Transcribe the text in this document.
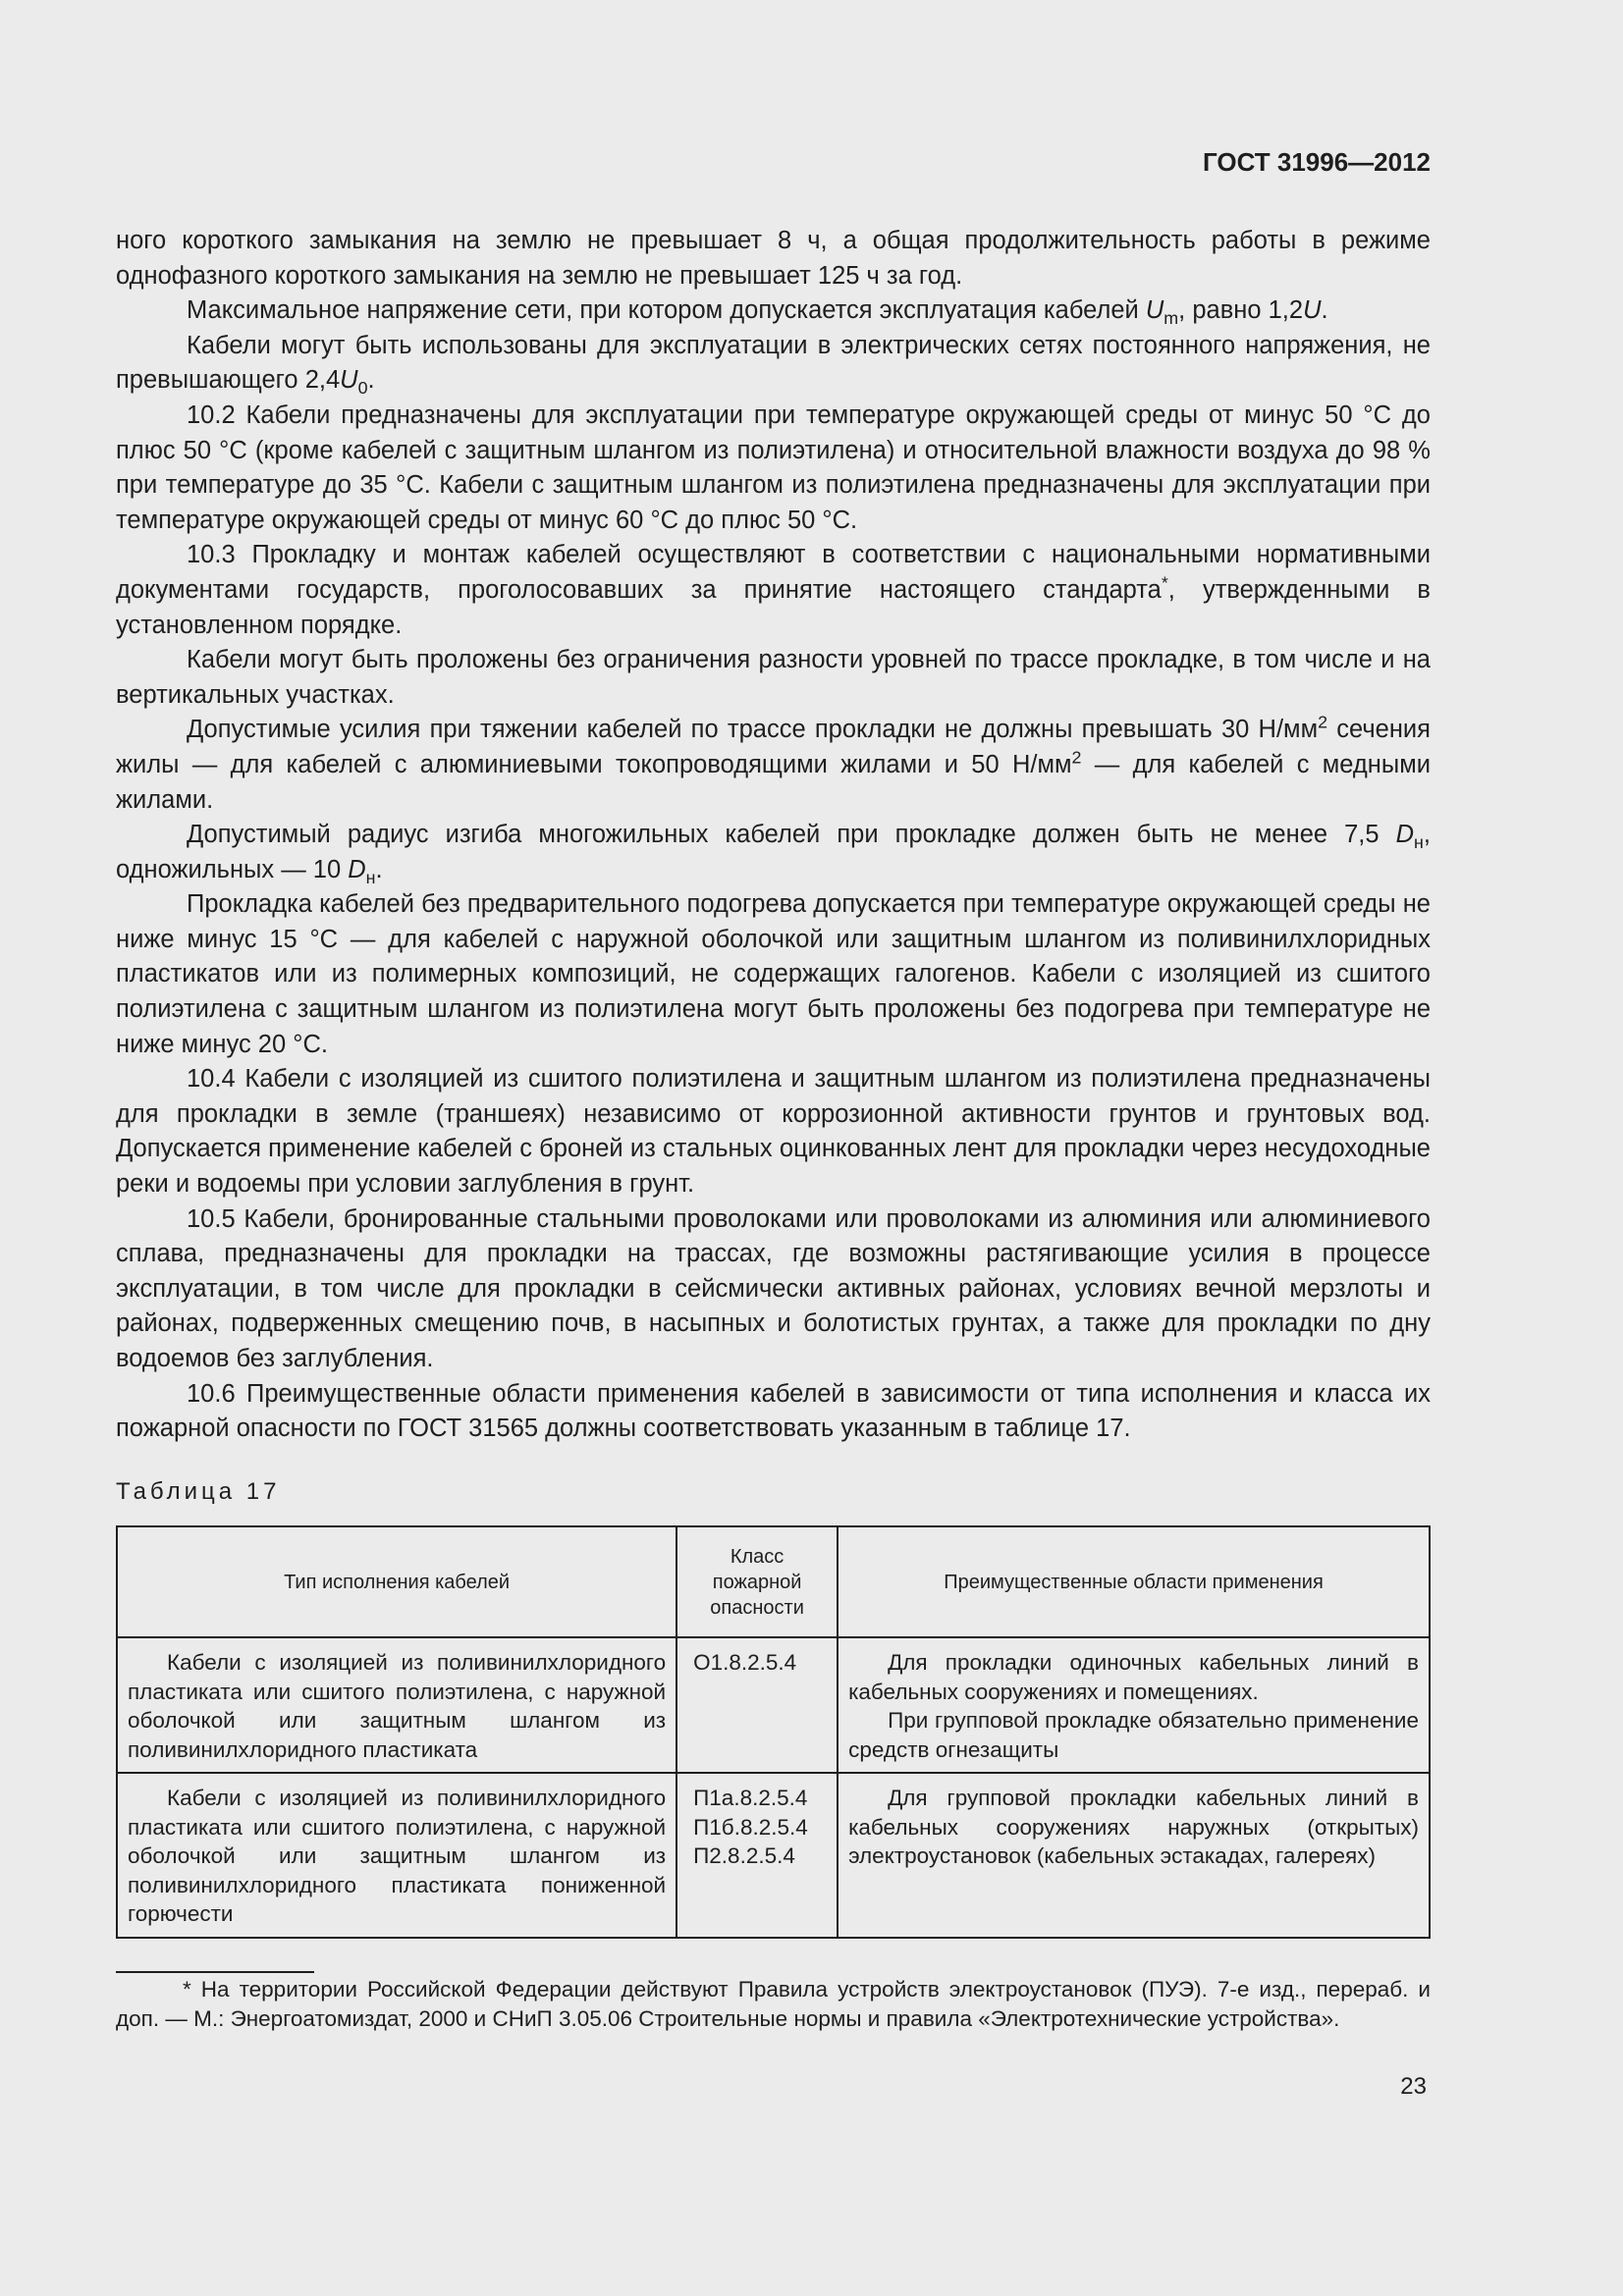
ГОСТ 31996—2012

ного короткого замыкания на землю не превышает 8 ч, а общая продолжительность работы в режиме однофазного короткого замыкания на землю не превышает 125 ч за год.

Максимальное напряжение сети, при котором допускается эксплуатация кабелей $U_m$, равно 1,2U.

Кабели могут быть использованы для эксплуатации в электрических сетях постоянного напряжения, не превышающего $2,4U_0$.

10.2 Кабели предназначены для эксплуатации при температуре окружающей среды от минус 50 °С до плюс 50 °С (кроме кабелей с защитным шлангом из полиэтилена) и относительной влажности воздуха до 98 % при температуре до 35 °С. Кабели с защитным шлангом из полиэтилена предназначены для эксплуатации при температуре окружающей среды от минус 60 °С до плюс 50 °С.

10.3 Прокладку и монтаж кабелей осуществляют в соответствии с национальными нормативными документами государств, проголосовавших за принятие настоящего стандарта*, утвержденными в установленном порядке.

Кабели могут быть проложены без ограничения разности уровней по трассе прокладке, в том числе и на вертикальных участках.

Допустимые усилия при тяжении кабелей по трассе прокладки не должны превышать 30 $Н/мм^2$ сечения жилы — для кабелей с алюминиевыми токопроводящими жилами и 50 $Н/мм^2$ — для кабелей с медными жилами.

Допустимый радиус изгиба многожильных кабелей при прокладке должен быть не менее 7,5 $D_н$, одножильных — 10 $D_н$.

Прокладка кабелей без предварительного подогрева допускается при температуре окружающей среды не ниже минус 15 °С — для кабелей с наружной оболочкой или защитным шлангом из поливинилхлоридных пластикатов или из полимерных композиций, не содержащих галогенов. Кабели с изоляцией из сшитого полиэтилена с защитным шлангом из полиэтилена могут быть проложены без подогрева при температуре не ниже минус 20 °С.

10.4 Кабели с изоляцией из сшитого полиэтилена и защитным шлангом из полиэтилена предназначены для прокладки в земле (траншеях) независимо от коррозионной активности грунтов и грунтовых вод. Допускается применение кабелей с броней из стальных оцинкованных лент для прокладки через несудоходные реки и водоемы при условии заглубления в грунт.

10.5 Кабели, бронированные стальными проволоками или проволоками из алюминия или алюминиевого сплава, предназначены для прокладки на трассах, где возможны растягивающие усилия в процессе эксплуатации, в том числе для прокладки в сейсмически активных районах, условиях вечной мерзлоты и районах, подверженных смещению почв, в насыпных и болотистых грунтах, а также для прокладки по дну водоемов без заглубления.

10.6 Преимущественные области применения кабелей в зависимости от типа исполнения и класса их пожарной опасности по ГОСТ 31565 должны соответствовать указанным в таблице 17.

Таблица 17
Тип исполнения кабелей	Класс пожарной опасности	Преимущественные области применения

Кабели с изоляцией из поливинилхлоридного пластиката или сшитого полиэтилена, с наружной оболочкой или защитным шлангом из поливинилхлоридного пластиката	О1.8.2.5.4	Для прокладки одиночных кабельных линий в кабельных сооружениях и помещениях.

При групповой прокладке обязательно применение средств огнезащиты

Кабели с изоляцией из поливинилхлоридного пластиката или сшитого полиэтилена, с наружной оболочкой или защитным шлангом из поливинилхлоридного пластиката пониженной горючести	П1а.8.2.5.4
П1б.8.2.5.4
П2.8.2.5.4	Для групповой прокладки кабельных линий в кабельных сооружениях наружных (открытых) электроустановок (кабельных эстакадах, галереях)

* На территории Российской Федерации действуют Правила устройств электроустановок (ПУЭ). 7-е изд., перераб. и доп. — М.: Энергоатомиздат, 2000 и СНиП 3.05.06 Строительные нормы и правила «Электротехнические устройства».
23
